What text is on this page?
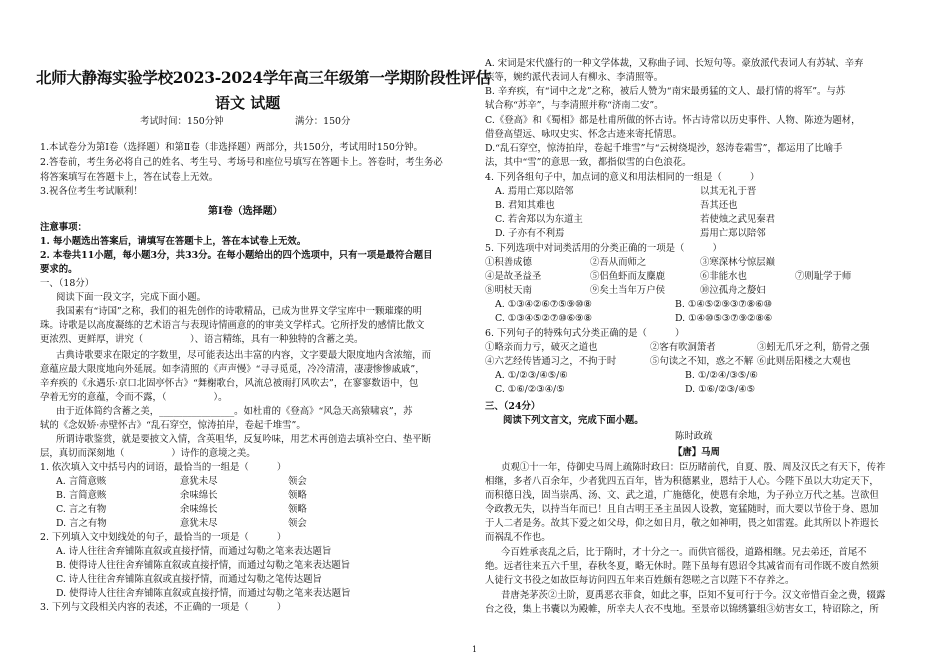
北师大静海实验学校2023-2024学年高三年级第一学期阶段性评估
语文 试题
考试时间：150分钟	满分：150分
1.本试卷分为第Ⅰ卷（选择题）和第Ⅱ卷（非选择题）两部分，共150分，考试用时150分钟。
2.答卷前，考生务必将自己的姓名、考生号、考场号和座位号填写在答题卡上。答卷时，考生务必
将答案填写在答题卡上，答在试卷上无效。
3.祝各位考生考试顺利！
第Ⅰ卷（选择题）
注意事项：
1. 每小题选出答案后，请填写在答题卡上，答在本试卷上无效。
2. 本卷共11小题，每小题3分，共33分。在每小题给出的四个选项中，只有一项是最符合题目
要求的。
一、（18分）
阅读下面一段文字，完成下面小题。
我国素有“诗国”之称，我们的祖先创作的诗歌精品，已成为世界文学宝库中一颗璀璨的明
珠。诗歌是以高度凝练的艺术语言与表现诗情画意的的审美文学样式。它所抒发的感情比散文
更浓烈、更鲜厚，讲究（　　　　　）、语言精练，具有一种独特的含蓄之美。
古典诗歌要求在限定的字数里，尽可能表达出丰富的内容，文字要最大限度地内含浓缩，而
意蕴应最大限度地向外延展。如李清照的《声声慢》“寻寻觅觅，冷冷清清，凄凄惨惨戚戚”，
辛弃疾的《永遇乐·京口北固亭怀古》“舞榭歌台，风流总被雨打风吹去”，在寥寥数语中，包
孕着无穷的意蕴，令而不露，（　　　　　）。
由于近体简约含蓄之美，________________。如杜甫的《登高》“风急天高猿啸哀”，苏
轼的《念奴娇·赤壁怀古》“乱石穿空，惊涛拍岸，卷起千堆雪”。
所谓诗歌鉴赏，就是要披文入情，含英咀华，反复吟味，用艺术再创造去填补空白、垫平断
层，真切而深刻地（　　　　　）诗作的意境之美。
1. 依次填入文中括号内的词语，最恰当的一组是（　　　）
A. 言简意赅	意犹未尽	领会
B. 言简意赅	余味绵长	领略
C. 言之有物	余味绵长	领略
D. 言之有物	意犹未尽	领会
2. 下列填入文中划线处的句子，最恰当的一项是（　　　）
A. 诗人往往舍弃铺陈直叙或直接抒情，而通过勾勒之笔来表达题旨
B. 使得诗人往往舍弃铺陈直叙或直接抒情，而通过勾勒之笔来表达题旨
C. 诗人往往舍弃铺陈直叙或直接抒情，而通过勾勒之笔传达题旨
D. 使得诗人往往舍弃铺陈直叙或直接抒情，而通过勾勒之笔来表达题旨
3. 下列与文段相关内容的表述，不正确的一项是（　　　）
A. 宋词是宋代盛行的一种文学体裁，又称曲子词、长短句等。豪放派代表词人有苏轼、辛弃
疾等，婉约派代表词人有柳永、李清照等。
B. 辛弃疾，有“词中之龙”之称，被后人赞为“南宋最勇猛的文人、最打情的将军”。与苏
轼合称“苏辛”，与李清照并称“济南二安”。
C.《登高》和《蜀相》都是杜甫所做的怀古诗。怀古诗常以历史事件、人物、陈迹为题材，
借登高望远、咏叹史实、怀念古迹来寄托情思。
D.“乱石穿空，惊涛拍岸，卷起千堆雪”与“云树绕堤沙，怒涛卷霜雪”，都运用了比喻手
法，其中“雪”的意思一致，都指似雪的白色浪花。
4. 下列各组句子中，加点词的意义和用法相同的一组是（　　　）
A. 焉用亡郑以陪邻	以其无礼于晋
B. 君知其难也	吾其还也
C. 若舍郑以为东道主	若使烛之武见秦君
D. 子亦有不利焉	焉用亡郑以陪邻
5. 下列选项中对词类活用的分类正确的一项是（　　　）
①积善成德	②吾从而师之	③寒深林兮惊层巅
④是故圣益圣	⑤侣鱼虾而友麋鹿	⑥非能水也	⑦则耻学于师
⑧明杖天南	⑨矣土当年万户侯	⑩泣孤舟之嫠妇
A. ①③④②⑥⑦⑤⑨⑩⑧	B. ①④⑤②⑨③⑦⑧⑥⑩
C. ①③④⑤②⑦⑩⑥⑨⑧	D. ①④⑩⑤③⑦⑨②⑧⑥
6. 下列句子的特殊句式分类正确的是（　　　）
①略亲而力亏，破灭之道也	②客有吹洞箫者	③蚓无爪牙之利，筋骨之强
④六艺经传皆通习之，不拘于时	⑤句读之不知，惑之不解 ⑥此则岳阳楼之大观也
A. ①/②③/④⑤/⑥	B. ①/②④/③⑤/⑥
C. ①⑥/②③④/⑤	D. ①⑥/②③/④⑤
三、（24分）
阅读下列文言文，完成下面小题。
陈时政疏
【唐】马周
贞观①十一年，侍御史马周上疏陈时政曰：臣历睹前代，自夏、殷、周及汉氏之有天下，传祚
相继，多者八百余年，少者犹四五百年，皆为积德累业，恩结于人心。今陛下虽以大功定天下，
而积德日浅，固当崇禹、汤、文、武之道，广施德化，使恩有余地，为子孙立万代之基。岂欲但
令政教无失，以持当年而已！且自古明王圣主虽因人设教，宽猛随时，而大要以节俭于身、恩加
于人二者是务。故其下爱之如父母，仰之如日月，敬之如神明，畏之如雷霆。此其所以卜祚遐长
而祸乱不作也。
今百姓承丧乱之后，比于隋时，才十分之一。而供官徭役，道路相继。兄去弟还，首尾不
绝。远者往来五六千里，春秋冬夏，略无休时。陛下虽每有恩诏令其减省而有司作既不废自然须
人徒行文书役之如故臣每访问四五年来百姓颇有怨嗟之言以陛下不存养之。
昔唐尧茅茨②土阶，夏禹恶衣菲食，如此之事，臣知不复可行于今。汉文帝惜百金之费，辍露
台之役，集上书囊以为殿帷，所幸夫人衣不曳地。至景帝以锦绣纂组③妨害女工，特诏除之，所
1
